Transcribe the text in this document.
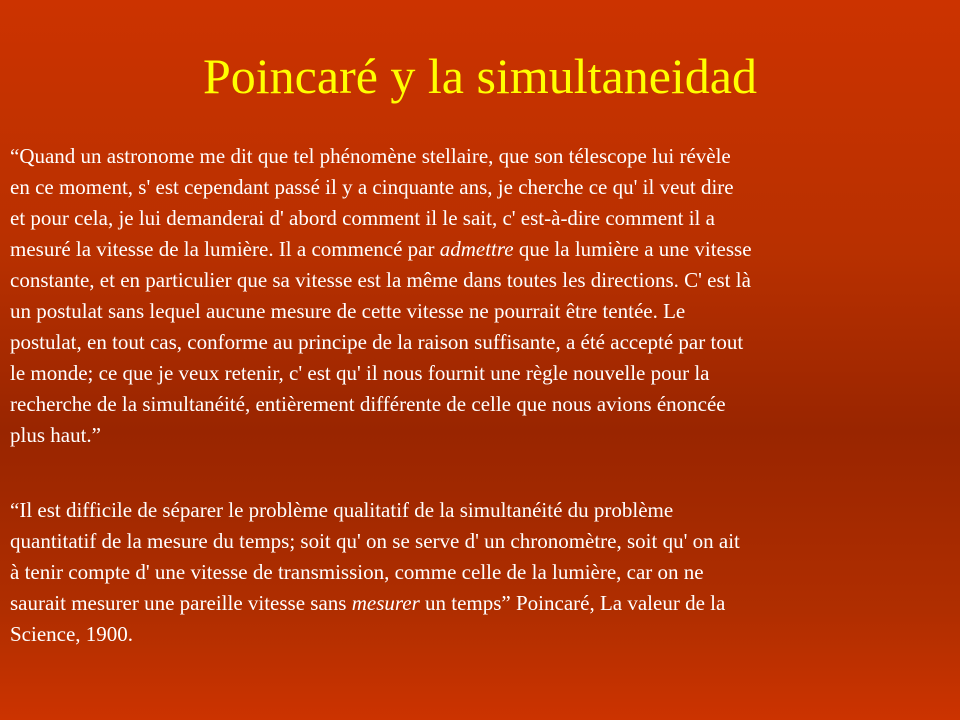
Poincaré y la simultaneidad
“Quand un astronome me dit que tel phénomène stellaire, que son télescope lui révèle
en ce moment, s' est cependant passé il y a cinquante ans, je cherche ce qu' il veut dire
et pour cela, je lui demanderai d' abord comment il le sait, c' est-à-dire comment il a
mesuré la vitesse de la lumière. Il a commencé par admettre que la lumière a une vitesse
constante, et en particulier que sa vitesse est la même dans toutes les directions. C' est là
un postulat sans lequel aucune mesure de cette vitesse ne pourrait être tentée. Le
postulat, en tout cas, conforme au principe de la raison suffisante, a été accepté par tout
le monde; ce que je veux retenir, c' est qu' il nous fournit une règle nouvelle pour la
recherche de la simultanéité, entièrement différente de celle que nous avions énoncée
plus haut.”
“Il est difficile de séparer le problème qualitatif de la simultanéité du problème
quantitatif de la mesure du temps; soit qu' on se serve d' un chronomètre, soit qu' on ait
à tenir compte d' une vitesse de transmission, comme celle de la lumière, car on ne
saurait mesurer une pareille vitesse sans mesurer un temps” Poincaré, La valeur de la
Science, 1900.
